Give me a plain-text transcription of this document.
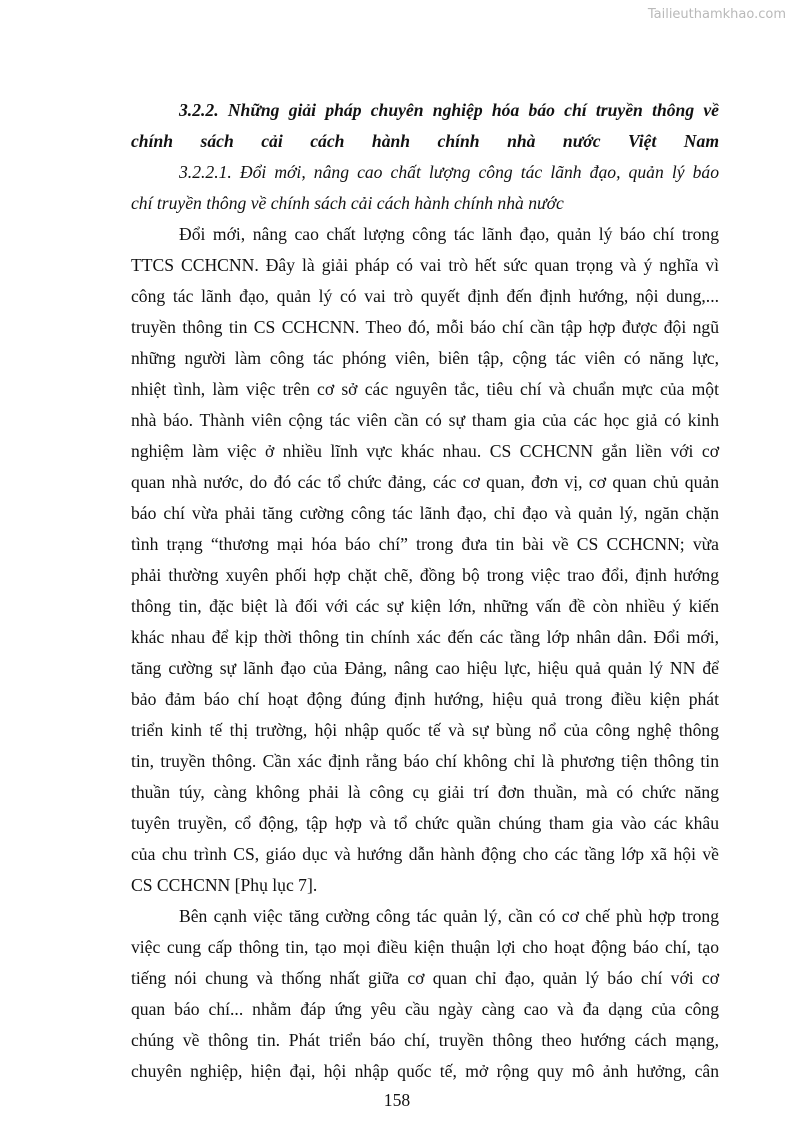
Tailieuthamkhao.com
3.2.2. Những giải pháp chuyên nghiệp hóa báo chí truyền thông về
chính sách cải cách hành chính nhà nước Việt Nam
3.2.2.1. Đổi mới, nâng cao chất lượng công tác lãnh đạo, quản lý báo
chí truyền thông về chính sách cải cách hành chính nhà nước
Đổi mới, nâng cao chất lượng công tác lãnh đạo, quản lý báo chí trong
TTCS CCHCNN. Đây là giải pháp có vai trò hết sức quan trọng và ý nghĩa vì
công tác lãnh đạo, quản lý có vai trò quyết định đến định hướng, nội dung,...
truyền thông tin CS CCHCNN. Theo đó, mỗi báo chí cần tập hợp được đội ngũ
những người làm công tác phóng viên, biên tập, cộng tác viên có năng lực,
nhiệt tình, làm việc trên cơ sở các nguyên tắc, tiêu chí và chuẩn mực của một
nhà báo. Thành viên cộng tác viên cần có sự tham gia của các học giả có kinh
nghiệm làm việc ở nhiều lĩnh vực khác nhau. CS CCHCNN gắn liền với cơ
quan nhà nước, do đó các tổ chức đảng, các cơ quan, đơn vị, cơ quan chủ quản
báo chí vừa phải tăng cường công tác lãnh đạo, chỉ đạo và quản lý, ngăn chặn
tình trạng “thương mại hóa báo chí” trong đưa tin bài về CS CCHCNN; vừa
phải thường xuyên phối hợp chặt chẽ, đồng bộ trong việc trao đổi, định hướng
thông tin, đặc biệt là đối với các sự kiện lớn, những vấn đề còn nhiều ý kiến
khác nhau để kịp thời thông tin chính xác đến các tầng lớp nhân dân. Đổi mới,
tăng cường sự lãnh đạo của Đảng, nâng cao hiệu lực, hiệu quả quản lý NN để
bảo đảm báo chí hoạt động đúng định hướng, hiệu quả trong điều kiện phát
triển kinh tế thị trường, hội nhập quốc tế và sự bùng nổ của công nghệ thông
tin, truyền thông. Cần xác định rằng báo chí không chỉ là phương tiện thông tin
thuần túy, càng không phải là công cụ giải trí đơn thuần, mà có chức năng
tuyên truyền, cổ động, tập hợp và tổ chức quần chúng tham gia vào các khâu
của chu trình CS, giáo dục và hướng dẫn hành động cho các tầng lớp xã hội về
CS CCHCNN [Phụ lục 7].
Bên cạnh việc tăng cường công tác quản lý, cần có cơ chế phù hợp trong
việc cung cấp thông tin, tạo mọi điều kiện thuận lợi cho hoạt động báo chí, tạo
tiếng nói chung và thống nhất giữa cơ quan chỉ đạo, quản lý báo chí với cơ
quan báo chí... nhằm đáp ứng yêu cầu ngày càng cao và đa dạng của công
chúng về thông tin. Phát triển báo chí, truyền thông theo hướng cách mạng,
chuyên nghiệp, hiện đại, hội nhập quốc tế, mở rộng quy mô ảnh hưởng, cân
158
